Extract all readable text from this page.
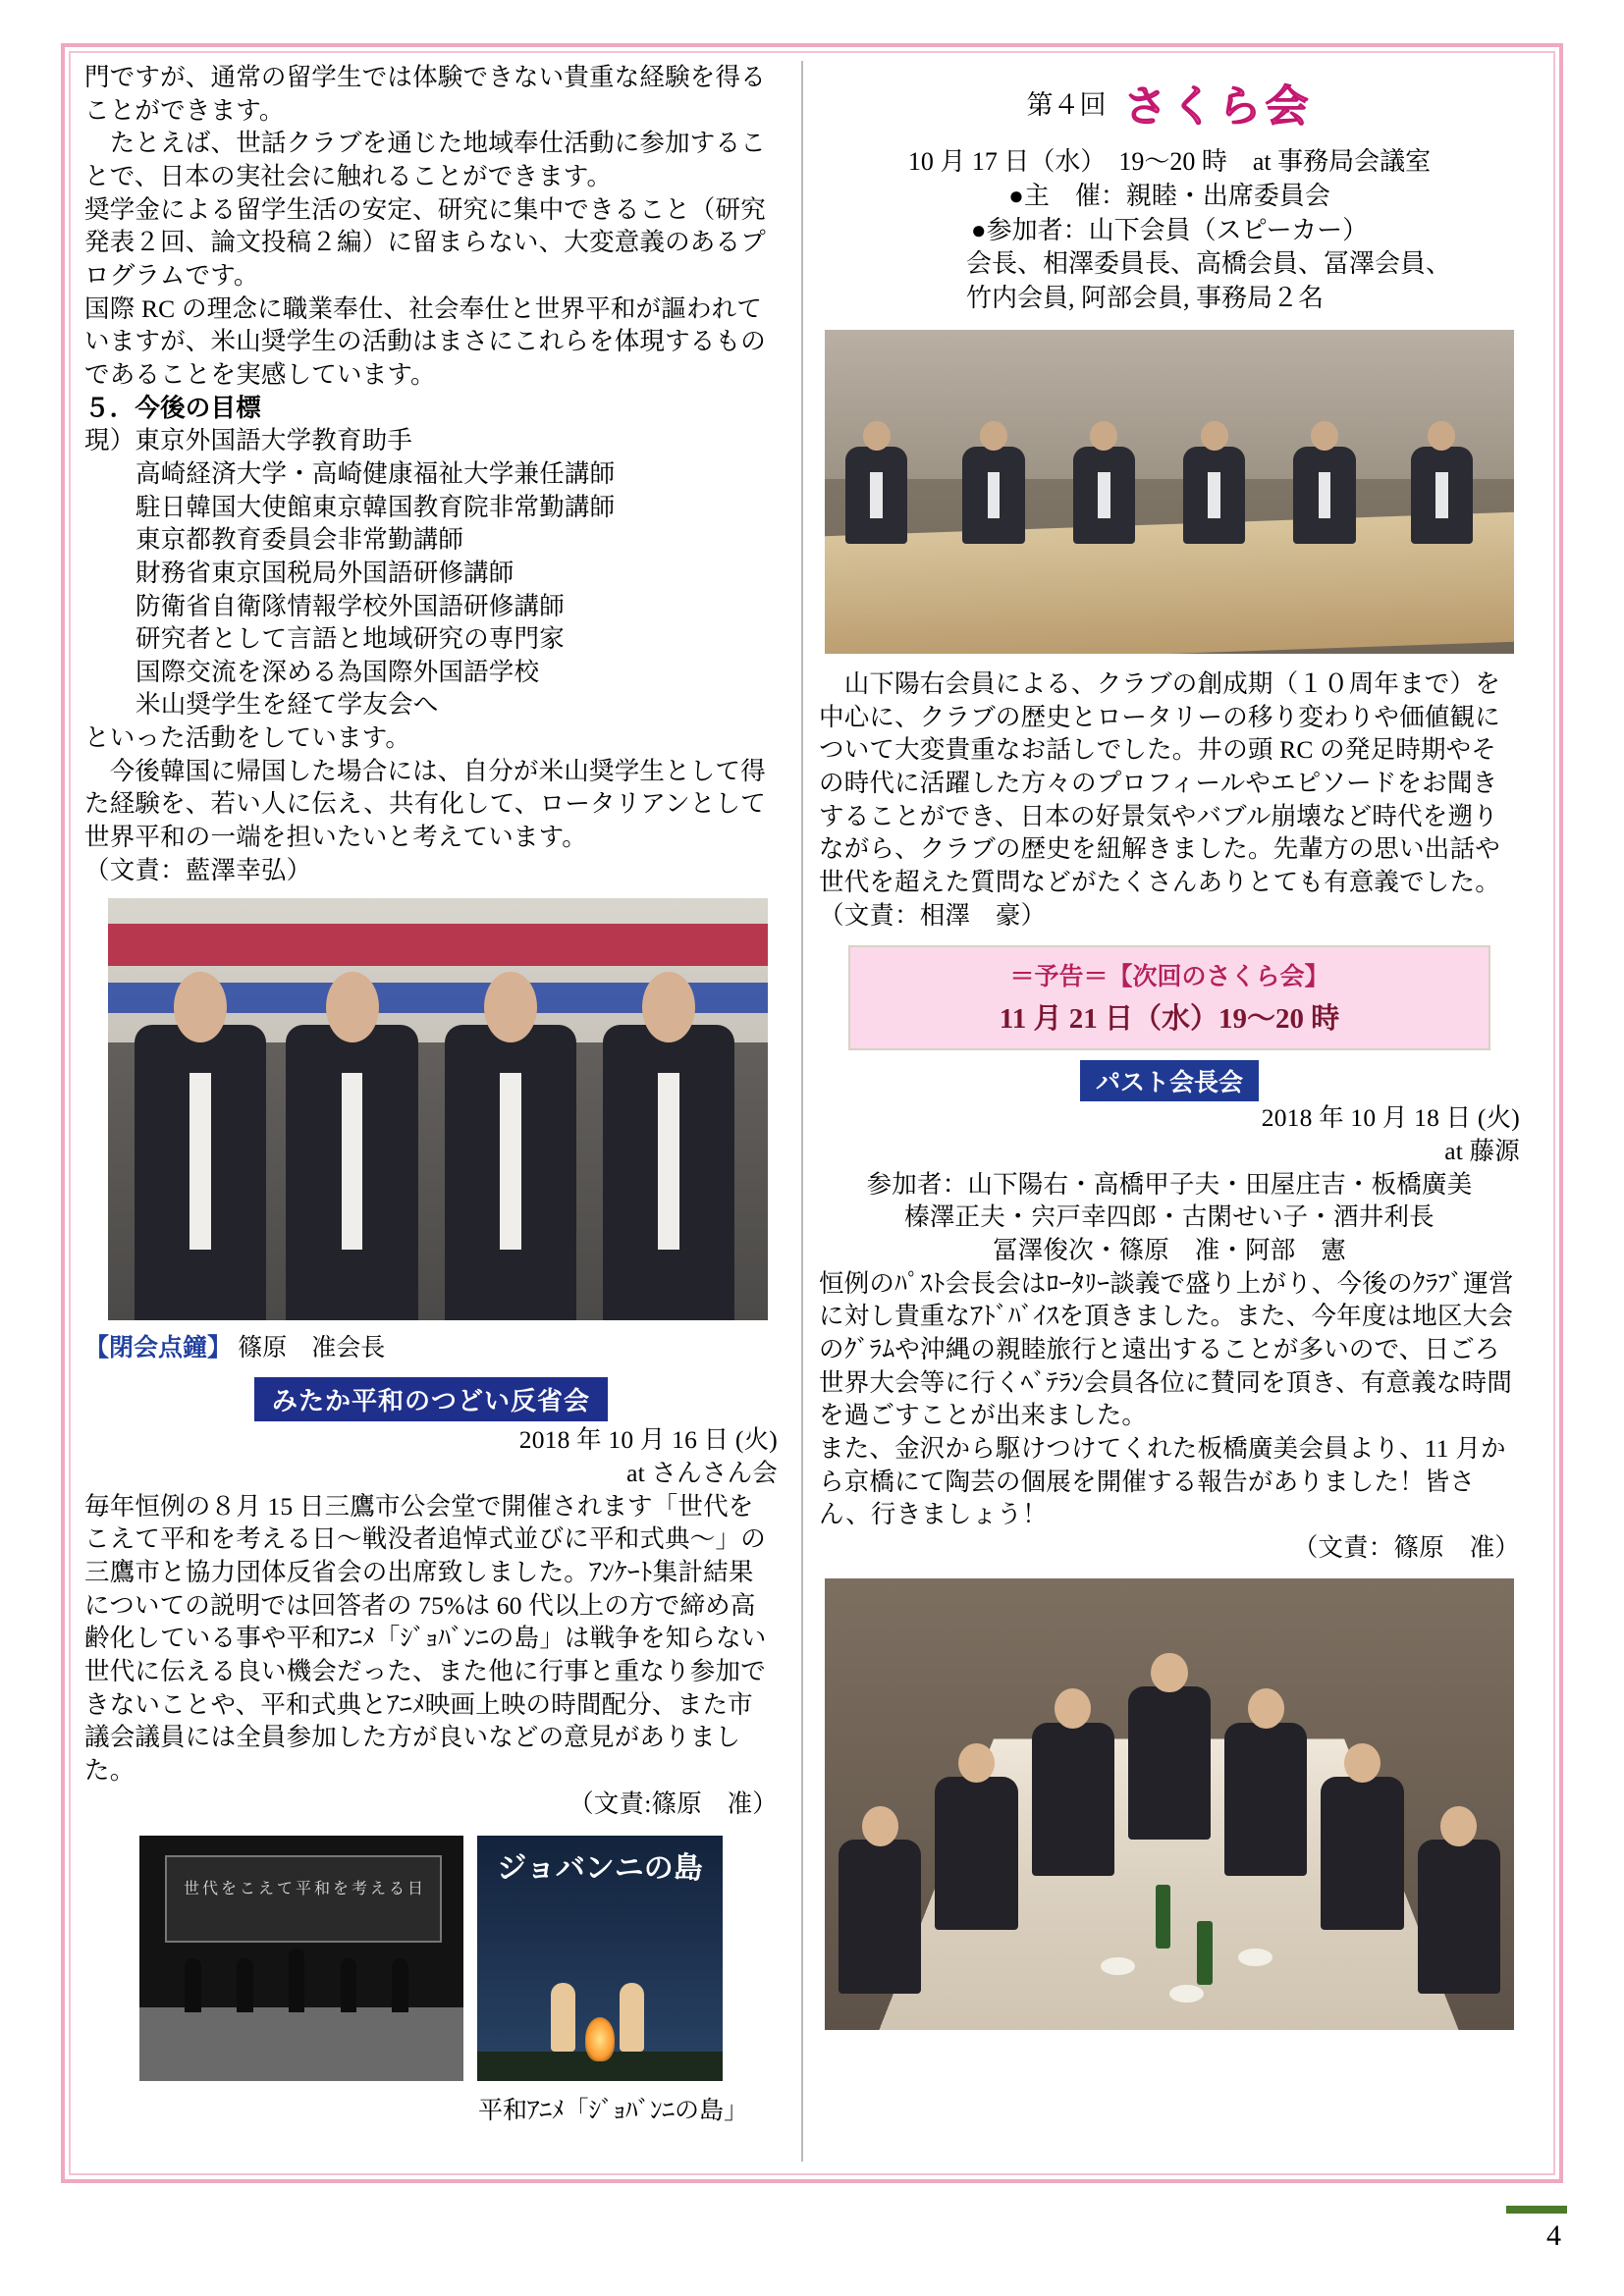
門ですが、通常の留学生では体験できない貴重な経験を得ることができます。

　たとえば、世話クラブを通じた地域奉仕活動に参加することで、日本の実社会に触れることができます。

奨学金による留学生活の安定、研究に集中できること（研究発表２回、論文投稿２編）に留まらない、大変意義のあるプログラムです。

国際 RC の理念に職業奉仕、社会奉仕と世界平和が謳われていますが、米山奨学生の活動はまさにこれらを体現するものであることを実感しています。

５．今後の目標

現）東京外国語大学教育助手

高崎経済大学・高崎健康福祉大学兼任講師

駐日韓国大使館東京韓国教育院非常勤講師

東京都教育委員会非常勤講師

財務省東京国税局外国語研修講師

防衛省自衛隊情報学校外国語研修講師

研究者として言語と地域研究の専門家

国際交流を深める為国際外国語学校

米山奨学生を経て学友会へ

といった活動をしています。

　今後韓国に帰国した場合には、自分が米山奨学生として得た経験を、若い人に伝え、共有化して、ロータリアンとして世界平和の一端を担いたいと考えています。

（文責：藍澤幸弘）

【閉会点鐘】 篠原　准会長

みたか平和のつどい反省会

2018 年 10 月 16 日 (火)

at さんさん会

毎年恒例の８月 15 日三鷹市公会堂で開催されます「世代をこえて平和を考える日～戦没者追悼式並びに平和式典～」の三鷹市と協力団体反省会の出席致しました。ｱﾝｹｰﾄ集計結果についての説明では回答者の 75%は 60 代以上の方で締め高齢化している事や平和ｱﾆﾒ「ｼﾞｮﾊﾞﾝﾆの島」は戦争を知らない世代に伝える良い機会だった、また他に行事と重なり参加できないことや、平和式典とｱﾆﾒ映画上映の時間配分、また市議会議員には全員参加した方が良いなどの意見がありました。

（文責:篠原　准）

世代をこえて平和を考える日
ジョバンニの島

平和ｱﾆﾒ「ｼﾞｮﾊﾞﾝﾆの島」

第４回 さくら会

10 月 17 日（水）　19～20 時　at 事務局会議室

●主　催：親睦・出席委員会

●参加者：山下会員（スピーカー）

会長、相澤委員長、高橋会員、冨澤会員、

竹内会員, 阿部会員, 事務局２名

　山下陽右会員による、クラブの創成期（１０周年まで）を中心に、クラブの歴史とロータリーの移り変わりや価値観について大変貴重なお話しでした。井の頭 RC の発足時期やその時代に活躍した方々のプロフィールやエピソードをお聞きすることができ、日本の好景気やバブル崩壊など時代を遡りながら、クラブの歴史を紐解きました。先輩方の思い出話や世代を超えた質問などがたくさんありとても有意義でした。（文責：相澤　豪）

＝予告＝【次回のさくら会】
11 月 21 日（水）19～20 時
パスト会長会

2018 年 10 月 18 日 (火)

at 藤源

参加者：山下陽右・高橋甲子夫・田屋庄吉・板橋廣美

榛澤正夫・宍戸幸四郎・古閑せい子・酒井利長

冨澤俊次・篠原　准・阿部　憲

恒例のﾊﾟｽﾄ会長会はﾛｰﾀﾘｰ談義で盛り上がり、今後のｸﾗﾌﾞ運営に対し貴重なｱﾄﾞﾊﾞｲｽを頂きました。また、今年度は地区大会のｸﾞﾗﾑや沖縄の親睦旅行と遠出することが多いので、日ごろ世界大会等に行くﾍﾞﾃﾗﾝ会員各位に賛同を頂き、有意義な時間を過ごすことが出来ました。

また、金沢から駆けつけてくれた板橋廣美会員より、11 月から京橋にて陶芸の個展を開催する報告がありました！皆さん、行きましょう！

（文責：篠原　准）

4
